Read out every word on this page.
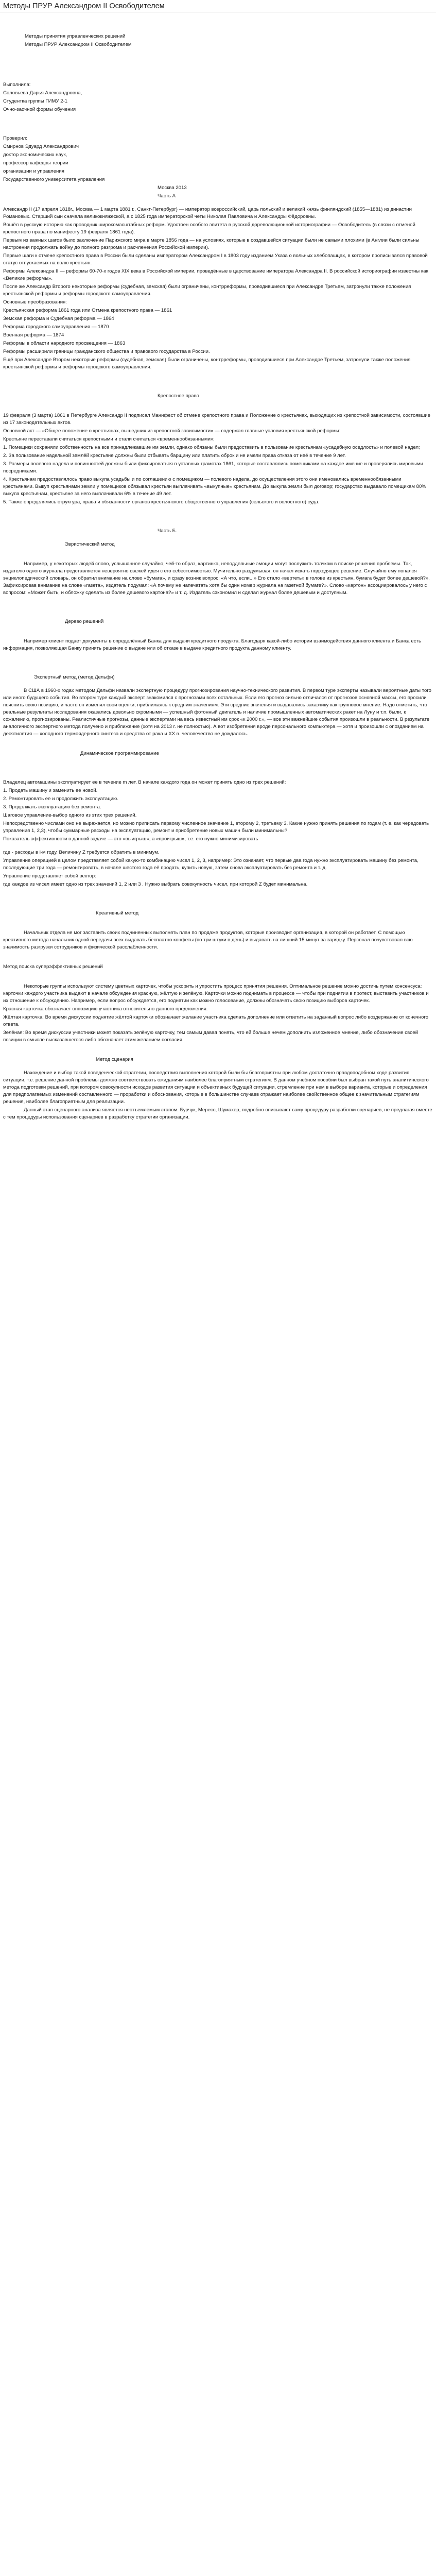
Методы ПРУР Александром II Освободителем

Методы принятия управленческих решений

Методы ПРУР Александром II Освободителем

Выполнила:

Соловьева Дарья Александровна,

Студентка группы ГИМУ 2-1

Очно-заочной формы обучения

Проверил:

Смирнов Эдуард Александрович

доктор экономических наук,

профессор кафедры теории

организации и управления

Государственного университета управления

Москва 2013

Часть А

Александр II (17 апреля 1818г., Москва — 1 марта 1881 г., Санкт-Петербург) — император всероссийский, царь польский и великий князь финляндский (1855—1881) из династии Романовых. Старший сын сначала великокняжеской, а с 1825 года императорской четы Николая Павловича и Александры Фёдоровны.

Вошёл в русскую историю как проводник широкомасштабных реформ. Удостоен особого эпитета в русской дореволюционной историографии — Освободитель (в связи с отменой крепостного права по манифесту 19 февраля 1861 года).

Первым из важных шагов было заключение Парижского мира в марте 1856 года — на условиях, которые в создавшейся ситуации были не самыми плохими (в Англии были сильны настроения продолжать войну до полного разгрома и расчленения Российской империи).

Первые шаги к отмене крепостного права в России были сделаны императором Александром I в 1803 году изданием Указа о вольных хлебопашцах, в котором прописывался правовой статус отпускаемых на волю крестьян.

Реформы Александра II — реформы 60-70-х годов XIX века в Российской империи, проведённые в царствование императора Александра II. В российской историографии известны как «Великие реформы».

После же Александр Второго некоторые реформы (судебная, земская) были ограничены, контрреформы, проводившиеся при Александре Третьем, затронули также положения крестьянской реформы и реформы городского самоуправления.

Основные преобразования:

Крестьянская реформа 1861 года или Отмена крепостного права — 1861

Земская реформа и Судебная реформа — 1864

Реформа городского самоуправления — 1870

Военная реформа — 1874

Реформы в области народного просвещения — 1863

Реформы расширили границы гражданского общества и правового государства в России.

Ещё при Александре Втором некоторые реформы (судебная, земская) были ограничены, контрреформы, проводившиеся при Александре Третьем, затронули также положения крестьянской реформы и реформы городского самоуправления.

Крепостное право

19 февраля (3 марта) 1861 в Петербурге Александр II подписал Манифест об отмене крепостного права и Положение о крестьянах, выходящих из крепостной зависимости, состоявшие из 17 законодательных актов.

Основной акт — «Общее положение о крестьянах, вышедших из крепостной зависимости» — содержал главные условия крестьянской реформы:

Крестьяне переставали считаться крепостными и стали считаться «временнообязанными»;

1. Помещики сохраняли собственность на все принадлежавшие им земли, однако обязаны были предоставить в пользование крестьянам «усадебную оседлость» и полевой надел;

2. За пользование надельной землёй крестьяне должны были отбывать барщину или платить оброк и не имели права отказа от неё в течение 9 лет.

3. Размеры полевого надела и повинностей должны были фиксироваться в уставных грамотах 1861, которые составлялись помещиками на каждое имение и проверялись мировыми посредниками.

4. Крестьянам предоставлялось право выкупа усадьбы и по соглашению с помещиком — полевого надела, до осуществления этого они именовались временнообязанными крестьянами. Выкуп крестьянами земли у помещиков обязывал крестьян выплачивать «выкупные» крестьянам. До выкупа земли был договор; государство выдавало помещикам 80% выкупа крестьянам, крестьяне за него выплачивали 6% в течение 49 лет.

5. Также определялись структура, права и обязанности органов крестьянского общественного управления (сельского и волостного) суда.

Часть Б.

Эвристический метод

Например, у некоторых людей слово, услышанное случайно, чей-то образ, картинка, неподдельные эмоции могут послужить толчком в поиске решения проблемы. Так, издателю одного журнала представляется невероятно свежей идея с его себестоимостью. Мучительно раздумывая, он начал искать подходящее решение. Случайно ему попался энциклопедический словарь, он обратил внимание на слово «бумага», и сразу возник вопрос: «А что, если...» Его стало «вертеть» в голове из крестьян, бумага будет более дешевой?». Зафиксировав внимание на слове «газета», издатель подумал: «А почему не напечатать хотя бы один номер журнала на газетной бумаге?». Слово «картон» ассоциировалось у него с вопросом: «Может быть, и обложку сделать из более дешевого картона?» и т. д. Издатель сэкономил и сделал журнал более дешевым и доступным.

Дерево решений

Например клиент подает документы в определённый Банка для выдачи кредитного продукта. Благодаря какой-либо истории взаимодействия данного клиента и Банка есть информация, позволяющая Банку принять решение о выдаче или об отказе в выдаче кредитного продукта данному клиенту.

Экспертный метод (метод Дельфи)

В США в 1960-х годах методом Дельфи назвали экспертную процедуру прогнозирования научно-технического развития. В первом туре эксперты называли вероятные даты того или иного будущего события. Во втором туре каждый эксперт знакомился с прогнозами всех остальных. Если его прогноз сильно отличался от прогнозов основной массы, его просили пояснить свою позицию, и часто он изменял свои оценки, приближаясь к средним значениям. Эти средние значения и выдавались заказчику как групповое мнение. Надо отметить, что реальные результаты исследования оказались довольно скромными — успешный фотонный двигатель и наличие промышленных автоматических ракет на Луну и т.п. были, к сожалению, прогнозированы. Реалистичные прогнозы, данные экспертами на весь известный им срок «к 2000 г.», — все эти важнейшие события произошли в реальности. В результате аналогичного экспертного метода получено и приближение (хотя на 2013 г. не полностью). А вот изобретения вроде персонального компьютера — хотя и произошли с опозданием на десятилетия — холодного термоядерного синтеза и средства от рака и ХХ в. человечество не дождалось.

Динамическое программирование

Владелец автомашины эксплуатирует ее в течение m лет. В начале каждого года он может принять одно из трех решений:

1. Продать машину и заменить ее новой.

2. Ремонтировать ее и продолжить эксплуатацию.

3. Продолжать эксплуатацию без ремонта.

Шаговое управление-выбор одного из этих трех решений.

Непосредственно числами оно не выражается, но можно приписать первому численное значение 1, второму 2, третьему 3. Какие нужно принять решения по годам (т. е. как чередовать управления 1, 2,3), чтобы суммарные расходы на эксплуатацию, ремонт и приобретение новых машин были минимальны?

Показатель эффективности в данной задаче — это «выигрыш», а «проигрыш», т.е. его нужно минимизировать

где - расходы в i-м году. Величину Z требуется обратить в минимум.

Управление операцией в целом представляет собой какую-то комбинацию чисел 1, 2, 3, например: Это означает, что первые два года нужно эксплуатировать машину без ремонта, последующие три года — ремонтировать, в начале шестого года её продать, купить новую, затем снова эксплуатировать без ремонта и т. д.

Управление представляет собой вектор:

где каждое из чисел имеет одно из трех значений 1, 2 или 3 . Нужно выбрать совокупность чисел, при которой Z будет минимальна.

Креативный метод

Начальник отдела не мог заставить своих подчиненных выполнять план по продаже продуктов, которые производит организация, в которой он работает. С помощью креативного метода начальник одной передачи всех выдавать бесплатно конфеты (по три штуки в день) и выдавать на лишний 15 минут за зарядку. Персонал почувствовал всю значимость разгрузки сотрудников и физической расслабленности.

Метод поиска суперэффективных решений

Некоторые группы используют систему цветных карточек, чтобы ускорить и упростить процесс принятия решения. Оптимальное решение можно достичь путем консенсуса: карточки каждого участника выдают в начале обсуждения красную, жёлтую и зелёную. Карточки можно поднимать в процессе — чтобы при поднятии в протест, выставить участников и их отношение к обсуждению. Например, если вопрос обсуждается, его поднятии как можно голосование, должны обозначать свою позицию выборов карточек.

Красная карточка обозначает оппозицию участника относительно данного предложения.

Жёлтая карточка: Во время дискуссии поднятие жёлтой карточки обозначает желание участника сделать дополнение или ответить на заданный вопрос либо воздержание от конечного ответа.

Зелёная: Во время дискуссии участники может показать зелёную карточку, тем самым давая понять, что ей больше нечем дополнить изложенное мнение, либо обозначение своей позиции в смысле высказавшегося либо обозначает этим желанием согласия.

Метод сценария

Нахождение и выбор такой поведенческой стратегии, последствия выполнения которой были бы благоприятны при любом достаточно правдоподобном ходе развития ситуации, т.е. решение данной проблемы должно соответствовать ожиданиям наиболее благоприятным стратегиям. В данном учебном пособии был выбран такой путь аналитического метода подготовки решений, при котором совокупности исходов развития ситуации и объективных будущей ситуации, стремление при нем в выборе варианта, которые и определения для предполагаемых изменений составленного — проработки и обоснования, которые в большинстве случаев отражает наиболее свойственное общее к значительным стратегиям решения, наиболее благоприятным для реализации.

Данный этап сценарного анализа является неотъемлемым этапом. Бурчук, Мересс, Шумахер, подробно описывают саму процедуру разработки сценариев, не предлагая вместе с тем процедуры использования сценариев в разработку стратегии организации.
